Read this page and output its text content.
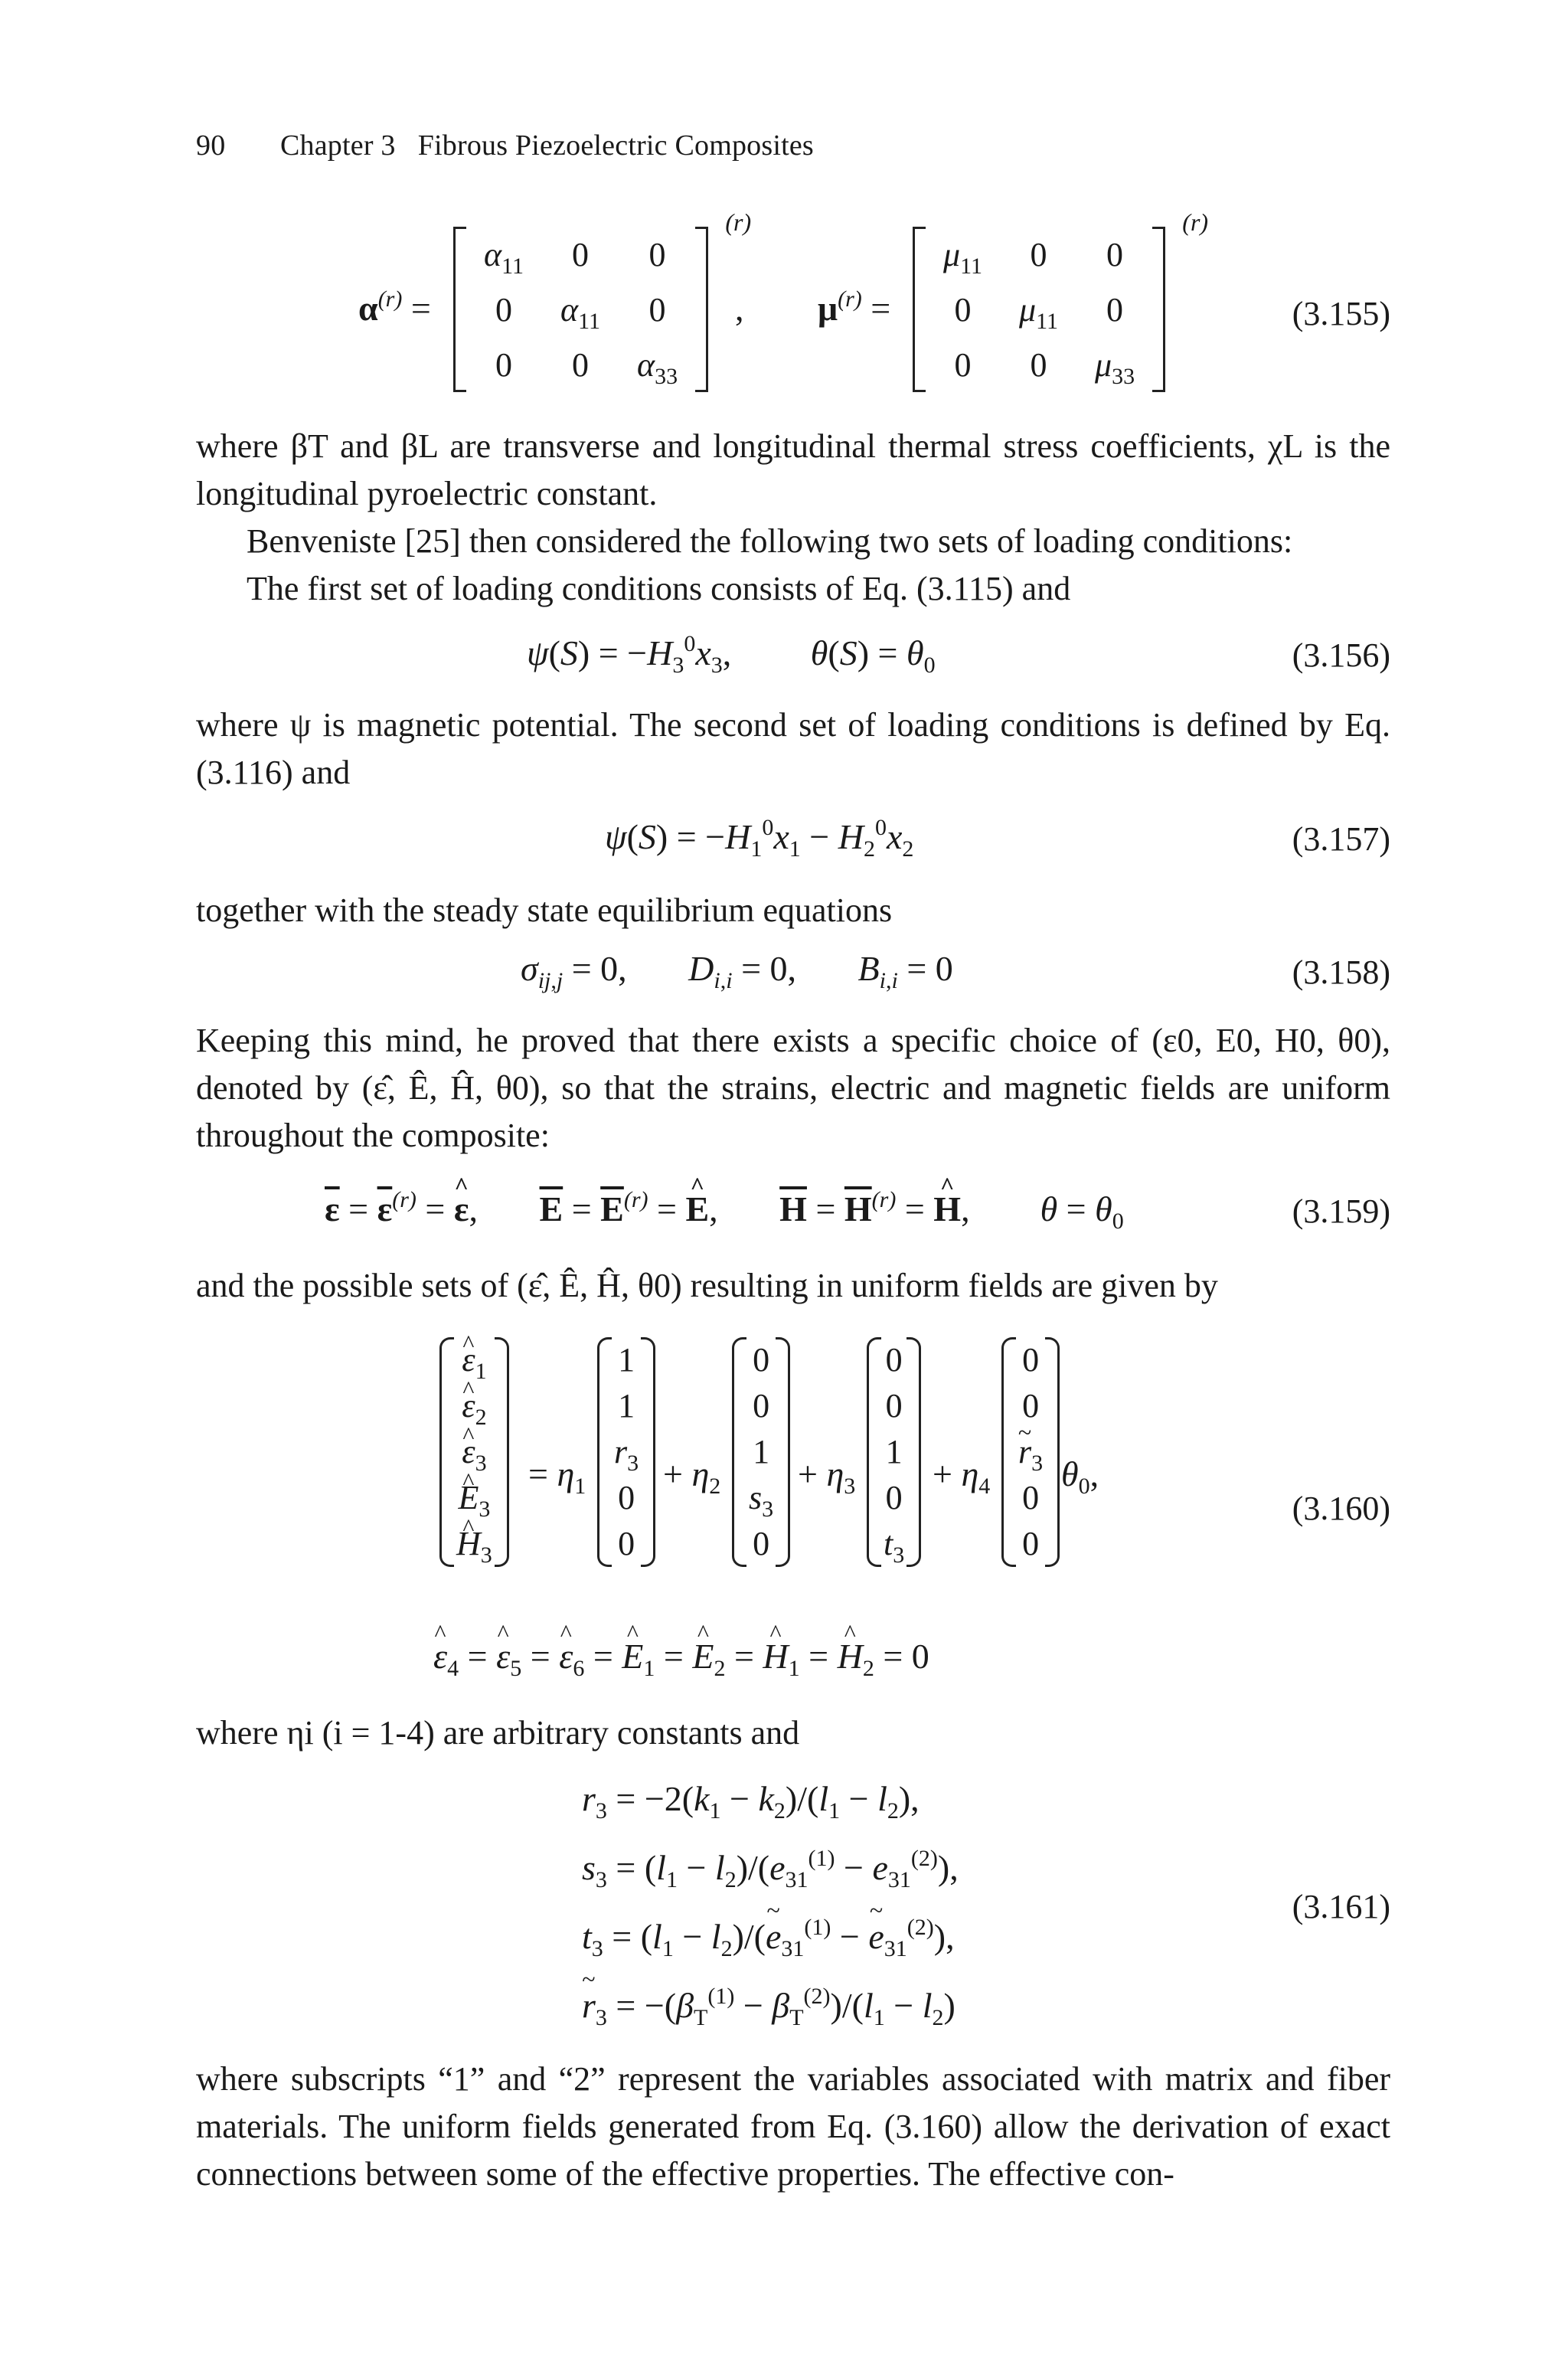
90 Chapter 3 Fibrous Piezoelectric Composites
$\alpha^{(r)}$ =
$\alpha_{11}$	0	0
0	$\alpha_{11}$	0
0	0	$\alpha_{33}$
(r)
, $\mu^{(r)}$ =
$\mu_{11}$	0	0
0	$\mu_{11}$	0
0	0	$\mu_{33}$
(r)
(3.155)
where βT and βL are transverse and longitudinal thermal stress coefficients, χL is the longitudinal pyroelectric constant.
Benveniste [25] then considered the following two sets of loading conditions:
The first set of loading conditions consists of Eq. (3.115) and
$\psi(S) = -H_3^0x_3$,         $\theta(S) = \theta_0$	(3.156)
where ψ is magnetic potential. The second set of loading conditions is defined by Eq. (3.116) and
$\psi(S) = -H_1^0x_1 - H_2^0x_2$	(3.157)
together with the steady state equilibrium equations
$\sigma_{ij,j} = 0$,       $D_{i,i} = 0$,       $B_{i,i} = 0$	(3.158)
Keeping this mind, he proved that there exists a specific choice of (ε0, E0, H0, θ0), denoted by (ε̂, Ê, Ĥ, θ0), so that the strains, electric and magnetic fields are uniform throughout the composite:
$\overline{\varepsilon} = \overline{\varepsilon}^{(r)} = \varepsilon$ ^,       $\overline{E} = \overline{E}^{(r)} = E$ ^,       $\overline{H} = \overline{H}^{(r)} = H$ ^,        $\theta = \theta_0$	(3.159)
and the possible sets of (ε̂, Ê, Ĥ, θ0) resulting in uniform fields are given by
ε $\^{}_1$
ε $\^{}_2$
ε $\^{}_3$
E $\^{}_3$
H $\^{}_3$
= $\eta_1$
1
1
$r_3$
0
0
+ $\eta_2$
0
0
1
$s_3$
0
+ $\eta_3$
0
0
1
0
$t_3$
+ $\eta_4$
0
0
r $\sim_3$
0
0
$\theta_0$,
(3.160)
ε $\^{}_4 = \varepsilon$ $\^{}_5 = \varepsilon$ $\^{}_6 = E$ $\^{}_1 = E$ $\^{}_2 = H$ $\^{}_1 = H$ $\^{}_2 = 0$
where ηi (i = 1-4) are arbitrary constants and
$r_3 = -2(k_1 - k_2)/(l_1 - l_2)$,
$s_3 = (l_1 - l_2)/(e_{31}^{(1)} - e_{31}^{(2)})$,
$t_3 = (l_1 - l_2)/(e$ $\sim_{31}^{(1)} - e$ $\sim_{31}^{(2)}$),
r $\sim_3 = -(\beta_T^{(1)} - \beta_T^{(2)})/(l_1 - l_2)$
(3.161)
where subscripts “1” and “2” represent the variables associated with matrix and fiber materials. The uniform fields generated from Eq. (3.160) allow the derivation of exact connections between some of the effective properties. The effective con-
